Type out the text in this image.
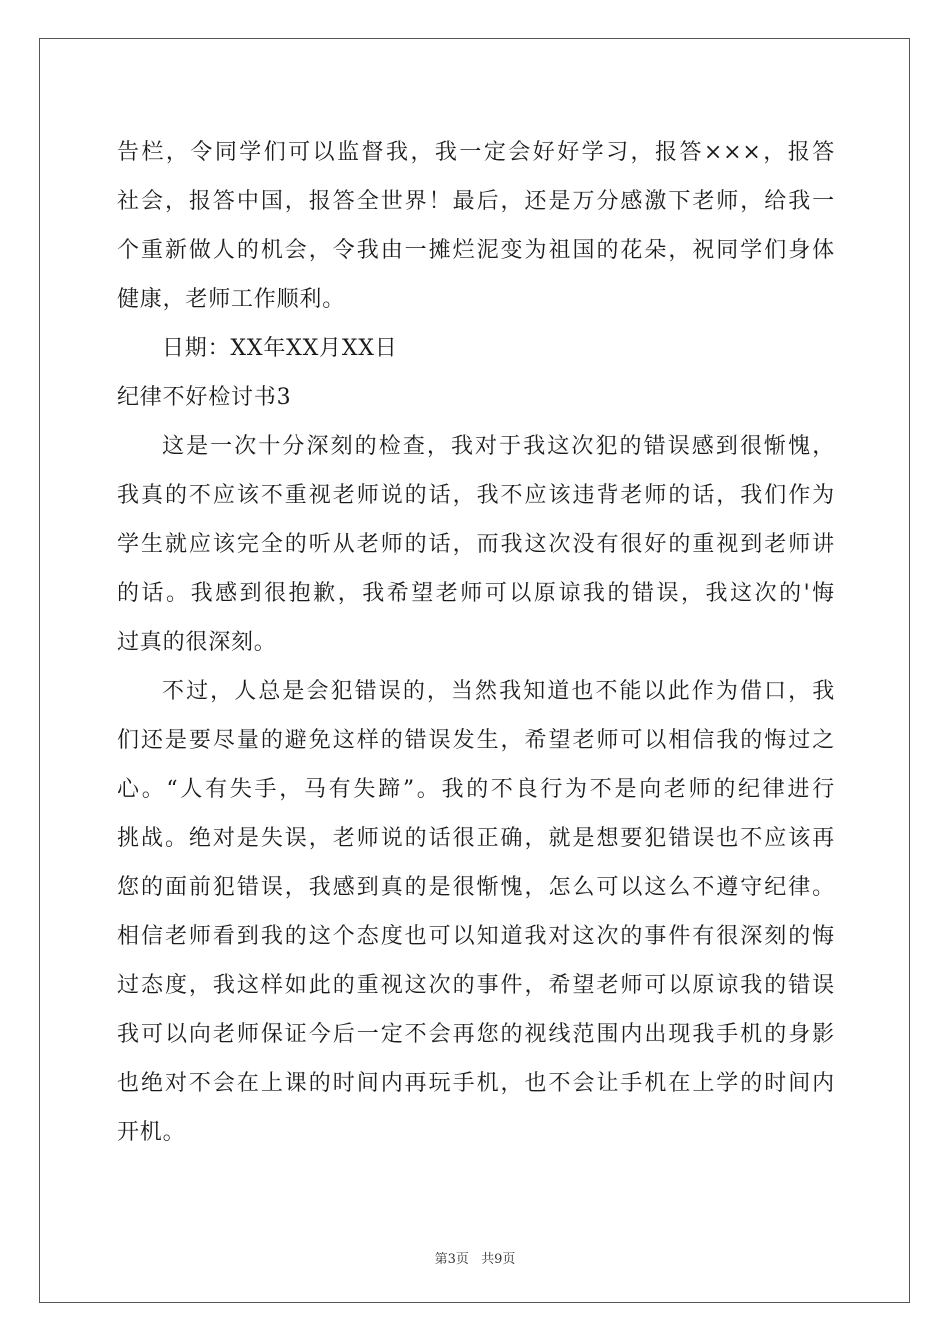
告栏，令同学们可以监督我，我一定会好好学习，报答×××，报答
社会，报答中国，报答全世界！最后，还是万分感激下老师，给我一
个重新做人的机会，令我由一摊烂泥变为祖国的花朵，祝同学们身体
健康，老师工作顺利。
日期：XX年XX月XX日
纪律不好检讨书3
这是一次十分深刻的检查，我对于我这次犯的错误感到很惭愧，
我真的不应该不重视老师说的话，我不应该违背老师的话，我们作为
学生就应该完全的听从老师的话，而我这次没有很好的重视到老师讲
的话。我感到很抱歉，我希望老师可以原谅我的错误，我这次的'悔
过真的很深刻。
不过，人总是会犯错误的，当然我知道也不能以此作为借口，我
们还是要尽量的避免这样的错误发生，希望老师可以相信我的悔过之
心。“人有失手，马有失蹄”。我的不良行为不是向老师的纪律进行
挑战。绝对是失误，老师说的话很正确，就是想要犯错误也不应该再
您的面前犯错误，我感到真的是很惭愧，怎么可以这么不遵守纪律。
相信老师看到我的这个态度也可以知道我对这次的事件有很深刻的悔
过态度，我这样如此的重视这次的事件，希望老师可以原谅我的错误
我可以向老师保证今后一定不会再您的视线范围内出现我手机的身影
也绝对不会在上课的时间内再玩手机，也不会让手机在上学的时间内
开机。
第3页 共9页
